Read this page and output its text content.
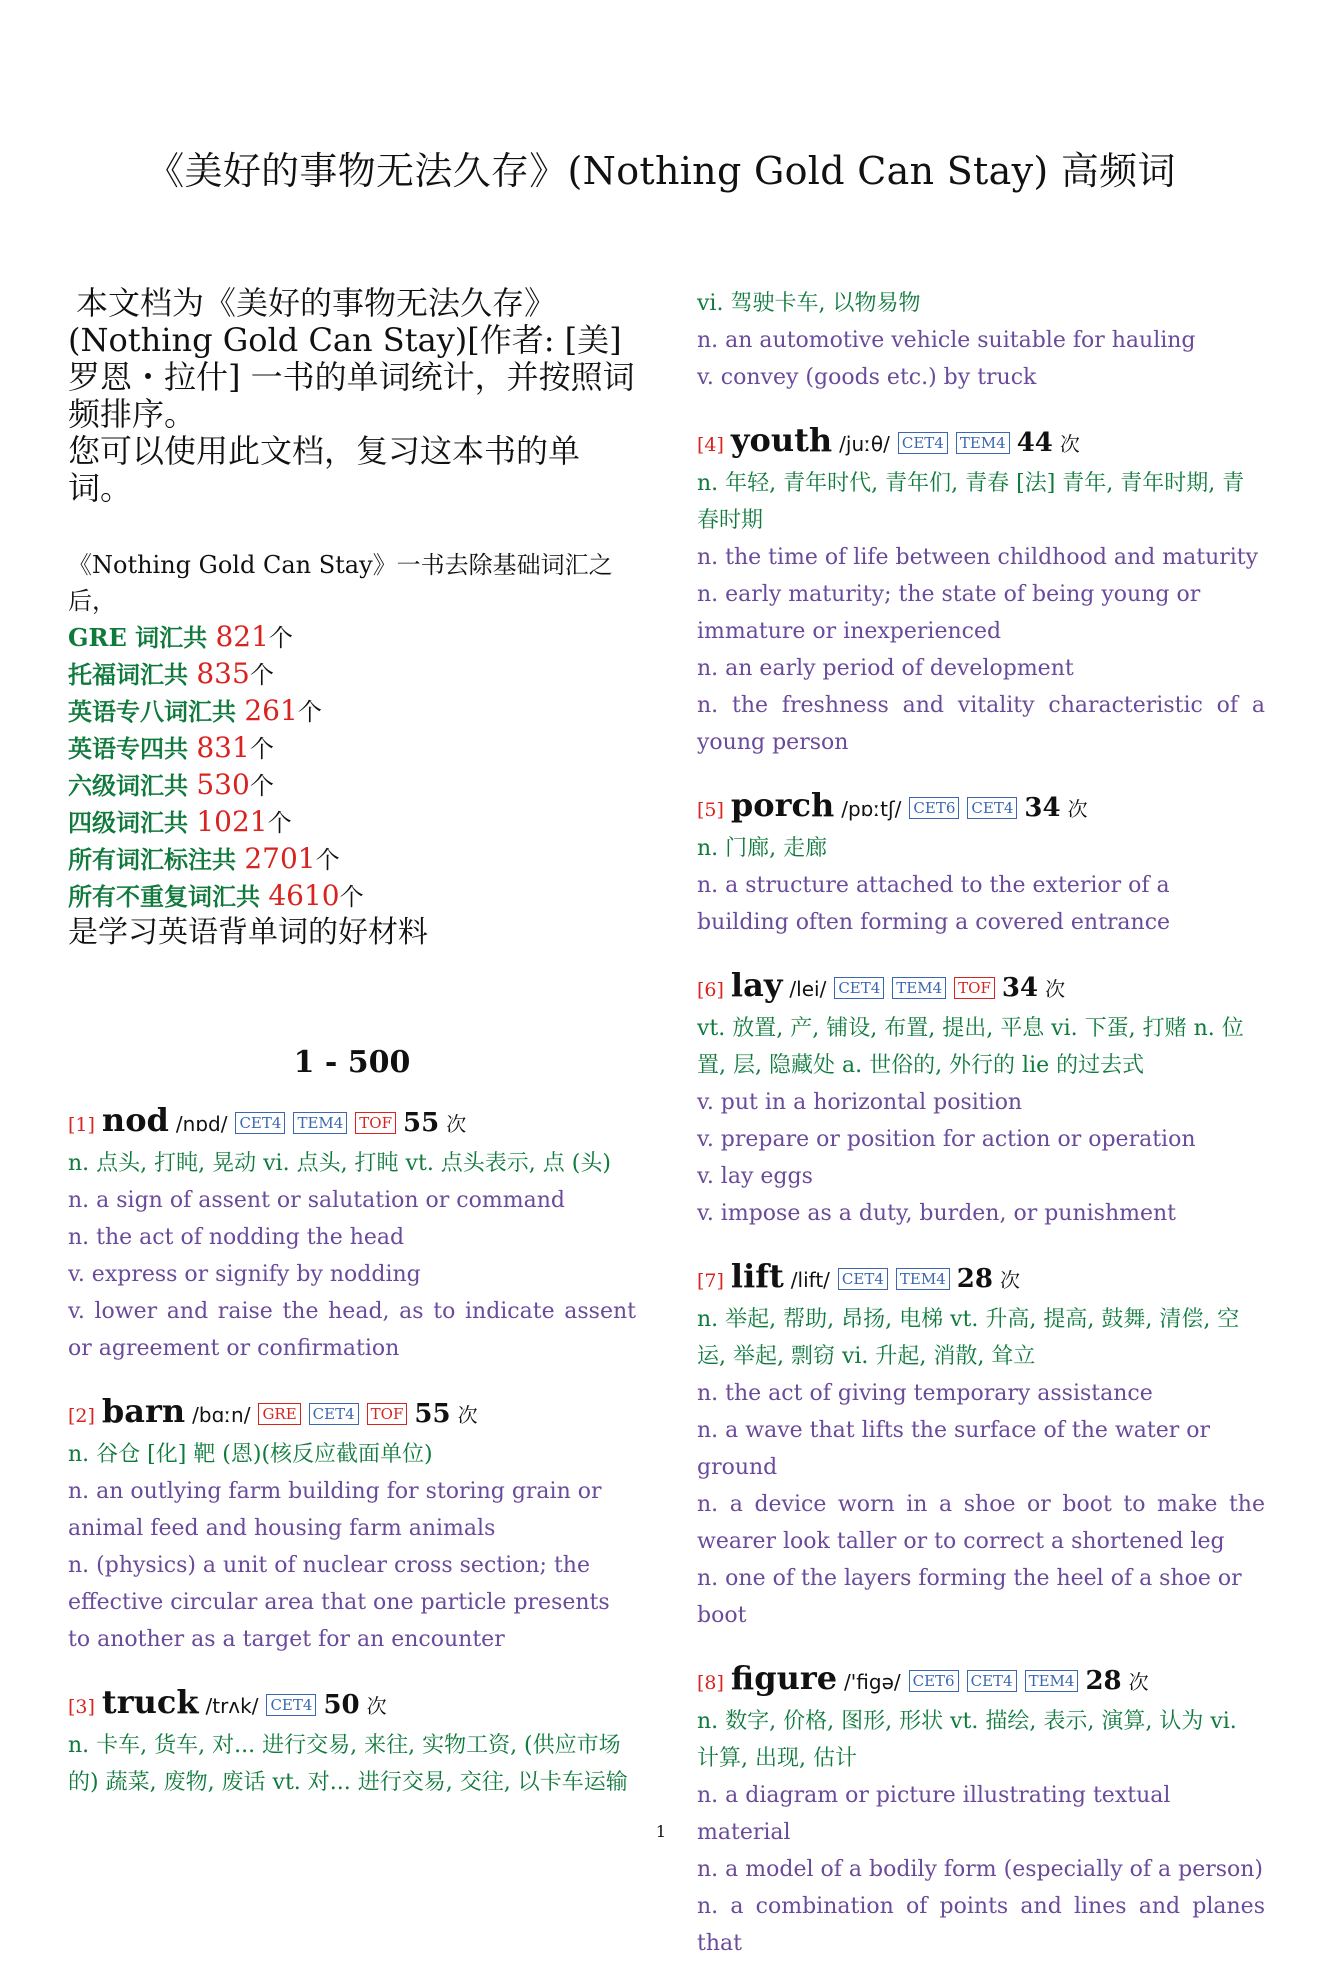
《美好的事物无法久存》(Nothing Gold Can Stay) 高频词

本文档为《美好的事物无法久存》(Nothing Gold Can Stay)[作者: [美] 罗恩・拉什] 一书的单词统计，并按照词频排序。

您可以使用此文档，复习这本书的单词。

《Nothing Gold Can Stay》一书去除基础词汇之后，
GRE 词汇共 821个
托福词汇共 835个
英语专八词汇共 261个
英语专四共 831个
六级词汇共 530个
四级词汇共 1021个
所有词汇标注共 2701个
所有不重复词汇共 4610个
是学习英语背单词的好材料
1 - 500
[1] nod /nɒd/ CET4 TEM4 TOF 55 次
n. 点头, 打盹, 晃动 vi. 点头, 打盹 vt. 点头表示, 点 (头)
n. a sign of assent or salutation or command
n. the act of nodding the head
v. express or signify by nodding
v. lower and raise the head, as to indicate assent or agreement or confirmation
[2] barn /bɑːn/ GRE CET4 TOF 55 次
n. 谷仓 [化] 靶 (恩)(核反应截面单位)
n. an outlying farm building for storing grain or animal feed and housing farm animals
n. (physics) a unit of nuclear cross section; the effective circular area that one particle presents to another as a target for an encounter
[3] truck /trʌk/ CET4 50 次
n. 卡车, 货车, 对... 进行交易, 来往, 实物工资, (供应市场的) 蔬菜, 废物, 废话 vt. 对... 进行交易, 交往, 以卡车运输
vi. 驾驶卡车, 以物易物
n. an automotive vehicle suitable for hauling
v. convey (goods etc.) by truck
[4] youth /juːθ/ CET4 TEM4 44 次
n. 年轻, 青年时代, 青年们, 青春 [法] 青年, 青年时期, 青春时期
n. the time of life between childhood and maturity
n. early maturity; the state of being young or immature or inexperienced
n. an early period of development
n. the freshness and vitality characteristic of a young person
[5] porch /pɒːtʃ/ CET6 CET4 34 次
n. 门廊, 走廊
n. a structure attached to the exterior of a building often forming a covered entrance
[6] lay /lei/ CET4 TEM4 TOF 34 次
vt. 放置, 产, 铺设, 布置, 提出, 平息 vi. 下蛋, 打赌 n. 位置, 层, 隐藏处 a. 世俗的, 外行的 lie 的过去式
v. put in a horizontal position
v. prepare or position for action or operation
v. lay eggs
v. impose as a duty, burden, or punishment
[7] lift /lift/ CET4 TEM4 28 次
n. 举起, 帮助, 昂扬, 电梯 vt. 升高, 提高, 鼓舞, 清偿, 空运, 举起, 剽窃 vi. 升起, 消散, 耸立
n. the act of giving temporary assistance
n. a wave that lifts the surface of the water or ground
n. a device worn in a shoe or boot to make the wearer look taller or to correct a shortened leg
n. one of the layers forming the heel of a shoe or boot
[8] figure /'figə/ CET6 CET4 TEM4 28 次
n. 数字, 价格, 图形, 形状 vt. 描绘, 表示, 演算, 认为 vi. 计算, 出现, 估计
n. a diagram or picture illustrating textual material
n. a model of a bodily form (especially of a person)
n. a combination of points and lines and planes that
1
